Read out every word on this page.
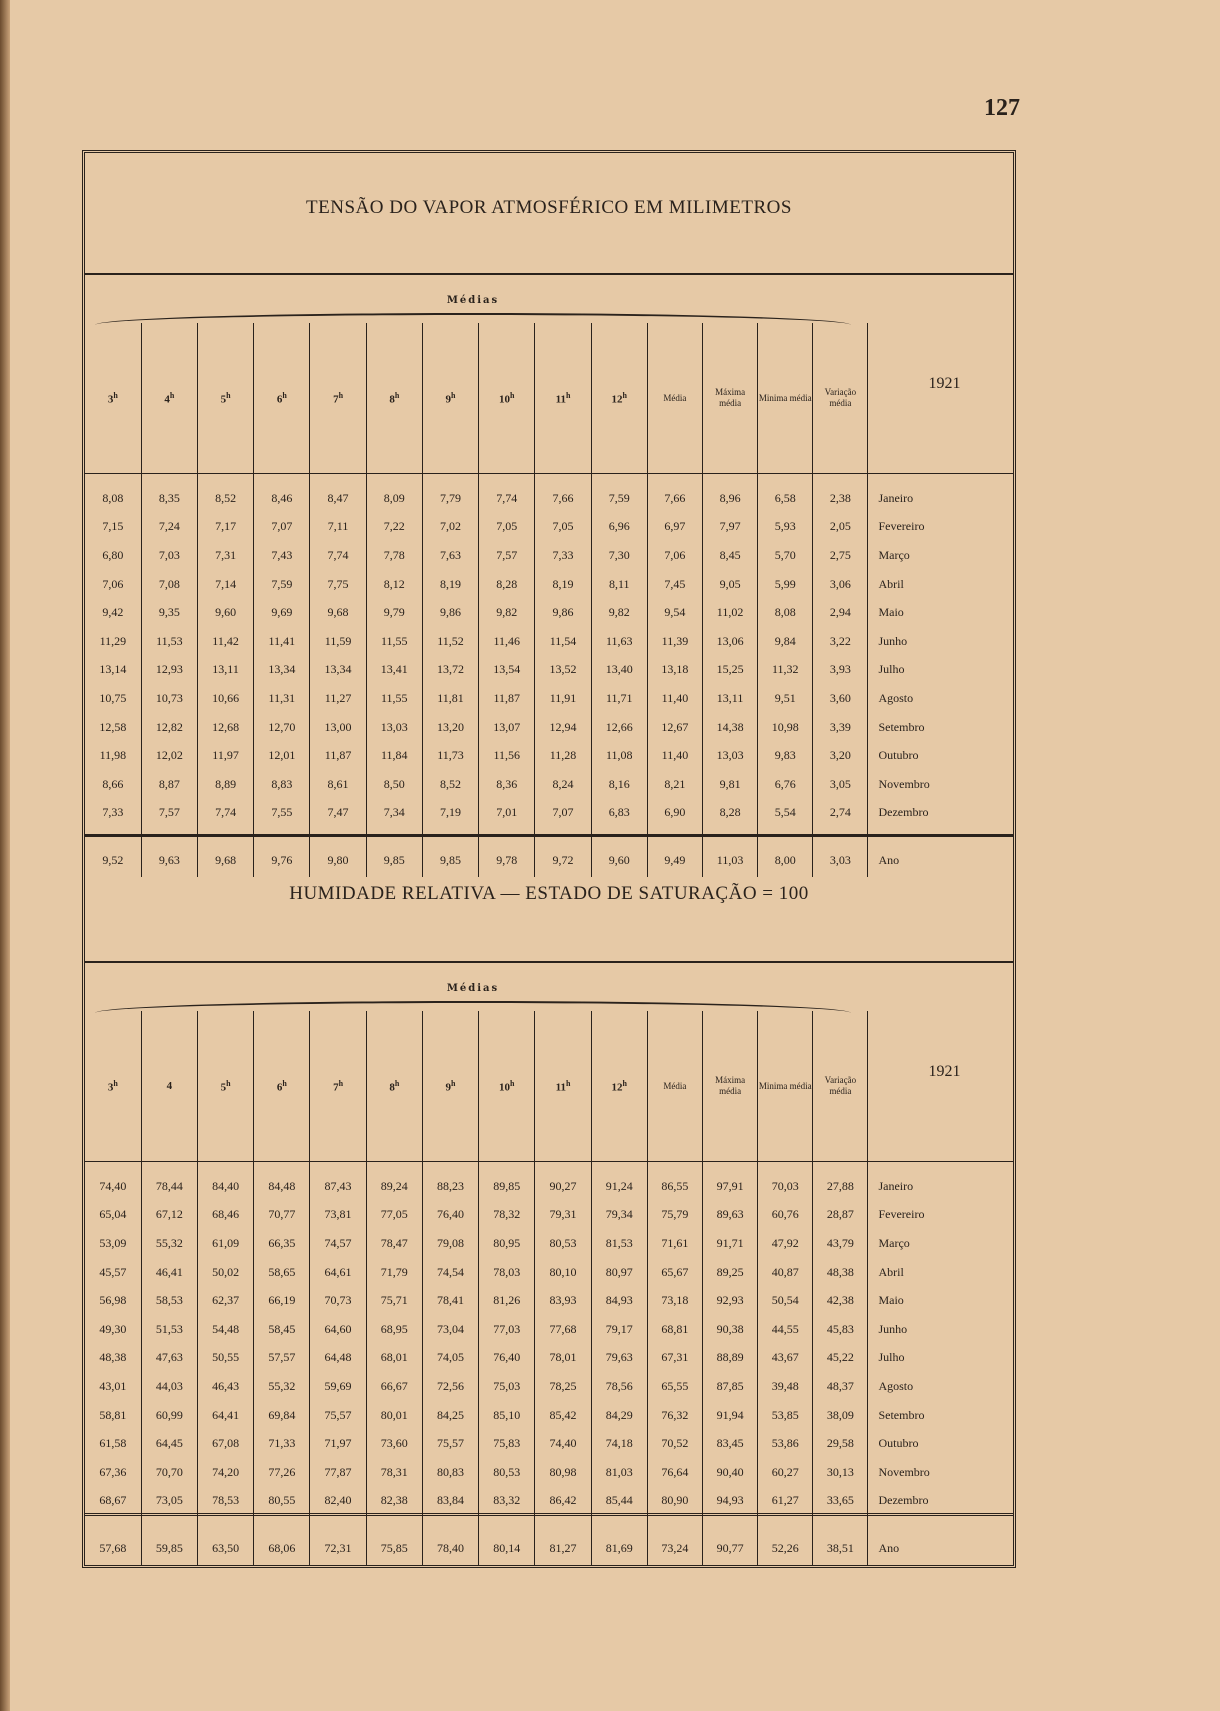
127
TENSÃO DO VAPOR ATMOSFÉRICO EM MILIMETROS
Médias
3$^h$	4$^h$	5$^h$	6$^h$	7$^h$	8$^h$	9$^h$	10$^h$	11$^h$	12$^h$	Média	Máxima média	Minima média	Variação média	1921
8,08	8,35	8,52	8,46	8,47	8,09	7,79	7,74	7,66	7,59	7,66	8,96	6,58	2,38	Janeiro
7,15	7,24	7,17	7,07	7,11	7,22	7,02	7,05	7,05	6,96	6,97	7,97	5,93	2,05	Fevereiro
6,80	7,03	7,31	7,43	7,74	7,78	7,63	7,57	7,33	7,30	7,06	8,45	5,70	2,75	Março
7,06	7,08	7,14	7,59	7,75	8,12	8,19	8,28	8,19	8,11	7,45	9,05	5,99	3,06	Abril
9,42	9,35	9,60	9,69	9,68	9,79	9,86	9,82	9,86	9,82	9,54	11,02	8,08	2,94	Maio
11,29	11,53	11,42	11,41	11,59	11,55	11,52	11,46	11,54	11,63	11,39	13,06	9,84	3,22	Junho
13,14	12,93	13,11	13,34	13,34	13,41	13,72	13,54	13,52	13,40	13,18	15,25	11,32	3,93	Julho
10,75	10,73	10,66	11,31	11,27	11,55	11,81	11,87	11,91	11,71	11,40	13,11	9,51	3,60	Agosto
12,58	12,82	12,68	12,70	13,00	13,03	13,20	13,07	12,94	12,66	12,67	14,38	10,98	3,39	Setembro
11,98	12,02	11,97	12,01	11,87	11,84	11,73	11,56	11,28	11,08	11,40	13,03	9,83	3,20	Outubro
8,66	8,87	8,89	8,83	8,61	8,50	8,52	8,36	8,24	8,16	8,21	9,81	6,76	3,05	Novembro
7,33	7,57	7,74	7,55	7,47	7,34	7,19	7,01	7,07	6,83	6,90	8,28	5,54	2,74	Dezembro
9,52	9,63	9,68	9,76	9,80	9,85	9,85	9,78	9,72	9,60	9,49	11,03	8,00	3,03	Ano
HUMIDADE RELATIVA — ESTADO DE SATURAÇÃO = 100
Médias
3$^h$	4	5$^h$	6$^h$	7$^h$	8$^h$	9$^h$	10$^h$	11$^h$	12$^h$	Média	Máxima média	Minima média	Variação média	1921
74,40	78,44	84,40	84,48	87,43	89,24	88,23	89,85	90,27	91,24	86,55	97,91	70,03	27,88	Janeiro
65,04	67,12	68,46	70,77	73,81	77,05	76,40	78,32	79,31	79,34	75,79	89,63	60,76	28,87	Fevereiro
53,09	55,32	61,09	66,35	74,57	78,47	79,08	80,95	80,53	81,53	71,61	91,71	47,92	43,79	Março
45,57	46,41	50,02	58,65	64,61	71,79	74,54	78,03	80,10	80,97	65,67	89,25	40,87	48,38	Abril
56,98	58,53	62,37	66,19	70,73	75,71	78,41	81,26	83,93	84,93	73,18	92,93	50,54	42,38	Maio
49,30	51,53	54,48	58,45	64,60	68,95	73,04	77,03	77,68	79,17	68,81	90,38	44,55	45,83	Junho
48,38	47,63	50,55	57,57	64,48	68,01	74,05	76,40	78,01	79,63	67,31	88,89	43,67	45,22	Julho
43,01	44,03	46,43	55,32	59,69	66,67	72,56	75,03	78,25	78,56	65,55	87,85	39,48	48,37	Agosto
58,81	60,99	64,41	69,84	75,57	80,01	84,25	85,10	85,42	84,29	76,32	91,94	53,85	38,09	Setembro
61,58	64,45	67,08	71,33	71,97	73,60	75,57	75,83	74,40	74,18	70,52	83,45	53,86	29,58	Outubro
67,36	70,70	74,20	77,26	77,87	78,31	80,83	80,53	80,98	81,03	76,64	90,40	60,27	30,13	Novembro
68,67	73,05	78,53	80,55	82,40	82,38	83,84	83,32	86,42	85,44	80,90	94,93	61,27	33,65	Dezembro
57,68	59,85	63,50	68,06	72,31	75,85	78,40	80,14	81,27	81,69	73,24	90,77	52,26	38,51	Ano
